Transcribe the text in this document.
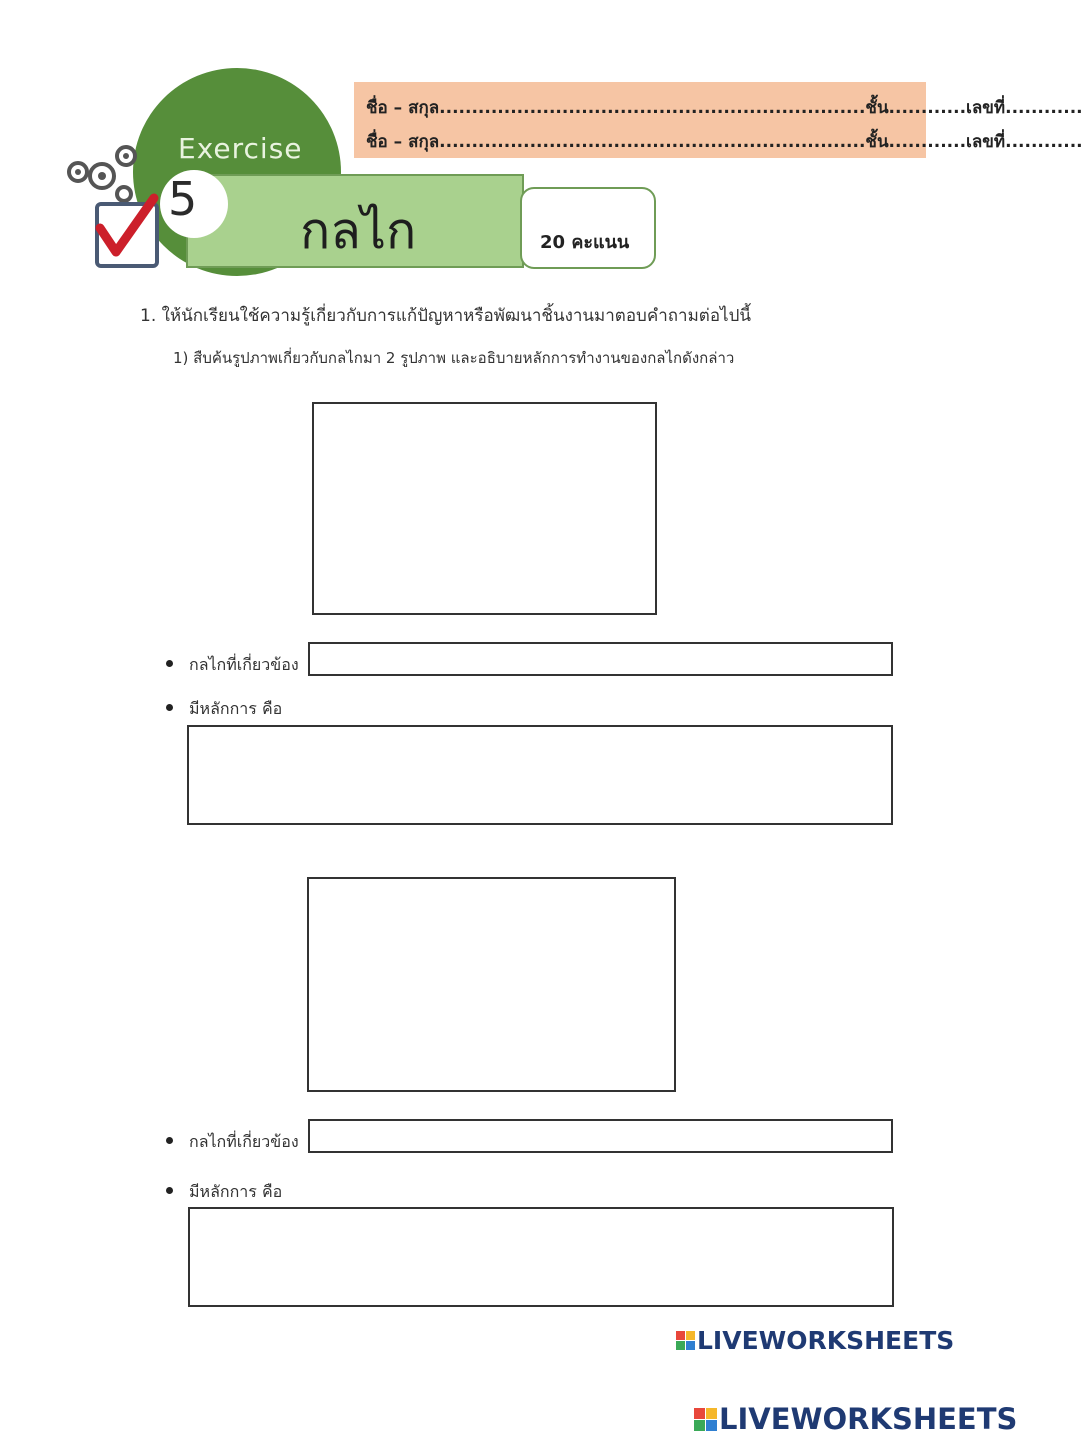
Exercise
5
กลไก	20 คะแนน
ชื่อ – สกุล..................................................................ชั้น............เลขที่............
ชื่อ – สกุล..................................................................ชั้น............เลขที่............
1. ให้นักเรียนใช้ความรู้เกี่ยวกับการแก้ปัญหาหรือพัฒนาชิ้นงานมาตอบคำถามต่อไปนี้
1) สืบค้นรูปภาพเกี่ยวกับกลไกมา 2 รูปภาพ และอธิบายหลักการทำงานของกลไกดังกล่าว
กลไกที่เกี่ยวข้อง
มีหลักการ คือ
กลไกที่เกี่ยวข้อง
มีหลักการ คือ
LIVEWORKSHEETS
LIVEWORKSHEETS
